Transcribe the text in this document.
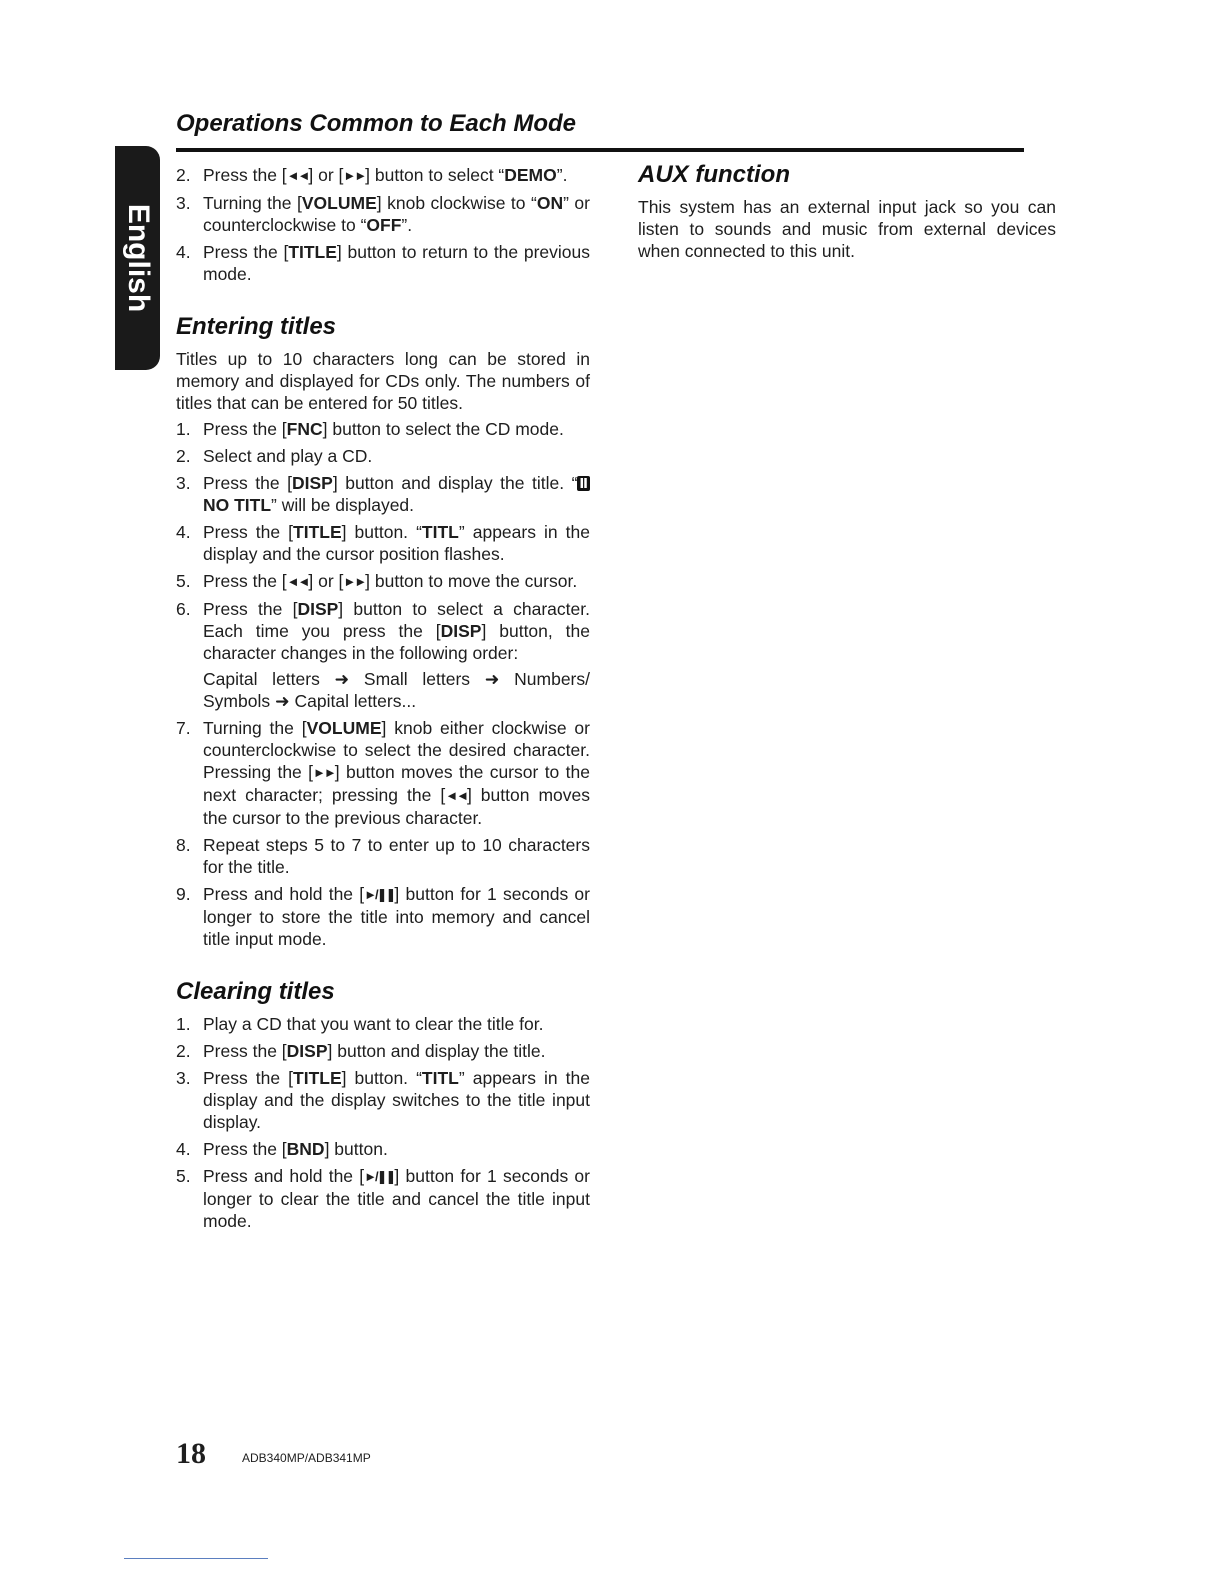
Operations Common to Each Mode
English
2. Press the [◄◄] or [►►] button to select “DEMO”.
3. Turning the [VOLUME] knob clockwise to “ON” or counterclockwise to “OFF”.
4. Press the [TITLE] button to return to the previous mode.
Entering titles

Titles up to 10 characters long can be stored in memory and displayed for CDs only. The numbers of titles that can be entered for 50 titles.

1. Press the [FNC] button to select the CD mode.
2. Select and play a CD.
3. Press the [DISP] button and display the title. “ Ⅱ NO TITL” will be displayed.
4. Press the [TITLE] button. “TITL” appears in the display and the cursor position flashes.
5. Press the [◄◄] or [►►] button to move the cursor.
6. Press the [DISP] button to select a character. Each time you press the [DISP] button, the character changes in the following order:
Capital letters ➜ Small letters ➜ Numbers/ Symbols ➜ Capital letters...
7. Turning the [VOLUME] knob either clockwise or counterclockwise to select the desired character. Pressing the [►►] button moves the cursor to the next character; pressing the [◄◄] button moves the cursor to the previous character.
8. Repeat steps 5 to 7 to enter up to 10 characters for the title.
9. Press and hold the [►/❚❚] button for 1 seconds or longer to store the title into memory and cancel title input mode.
Clearing titles
1. Play a CD that you want to clear the title for.
2. Press the [DISP] button and display the title.
3. Press the [TITLE] button. “TITL” appears in the display and the display switches to the title input display.
4. Press the [BND] button.
5. Press and hold the [►/❚❚] button for 1 seconds or longer to clear the title and cancel the title input mode.
AUX function

This system has an external input jack so you can listen to sounds and music from external devices when connected to this unit.

18	ADB340MP/ADB341MP
